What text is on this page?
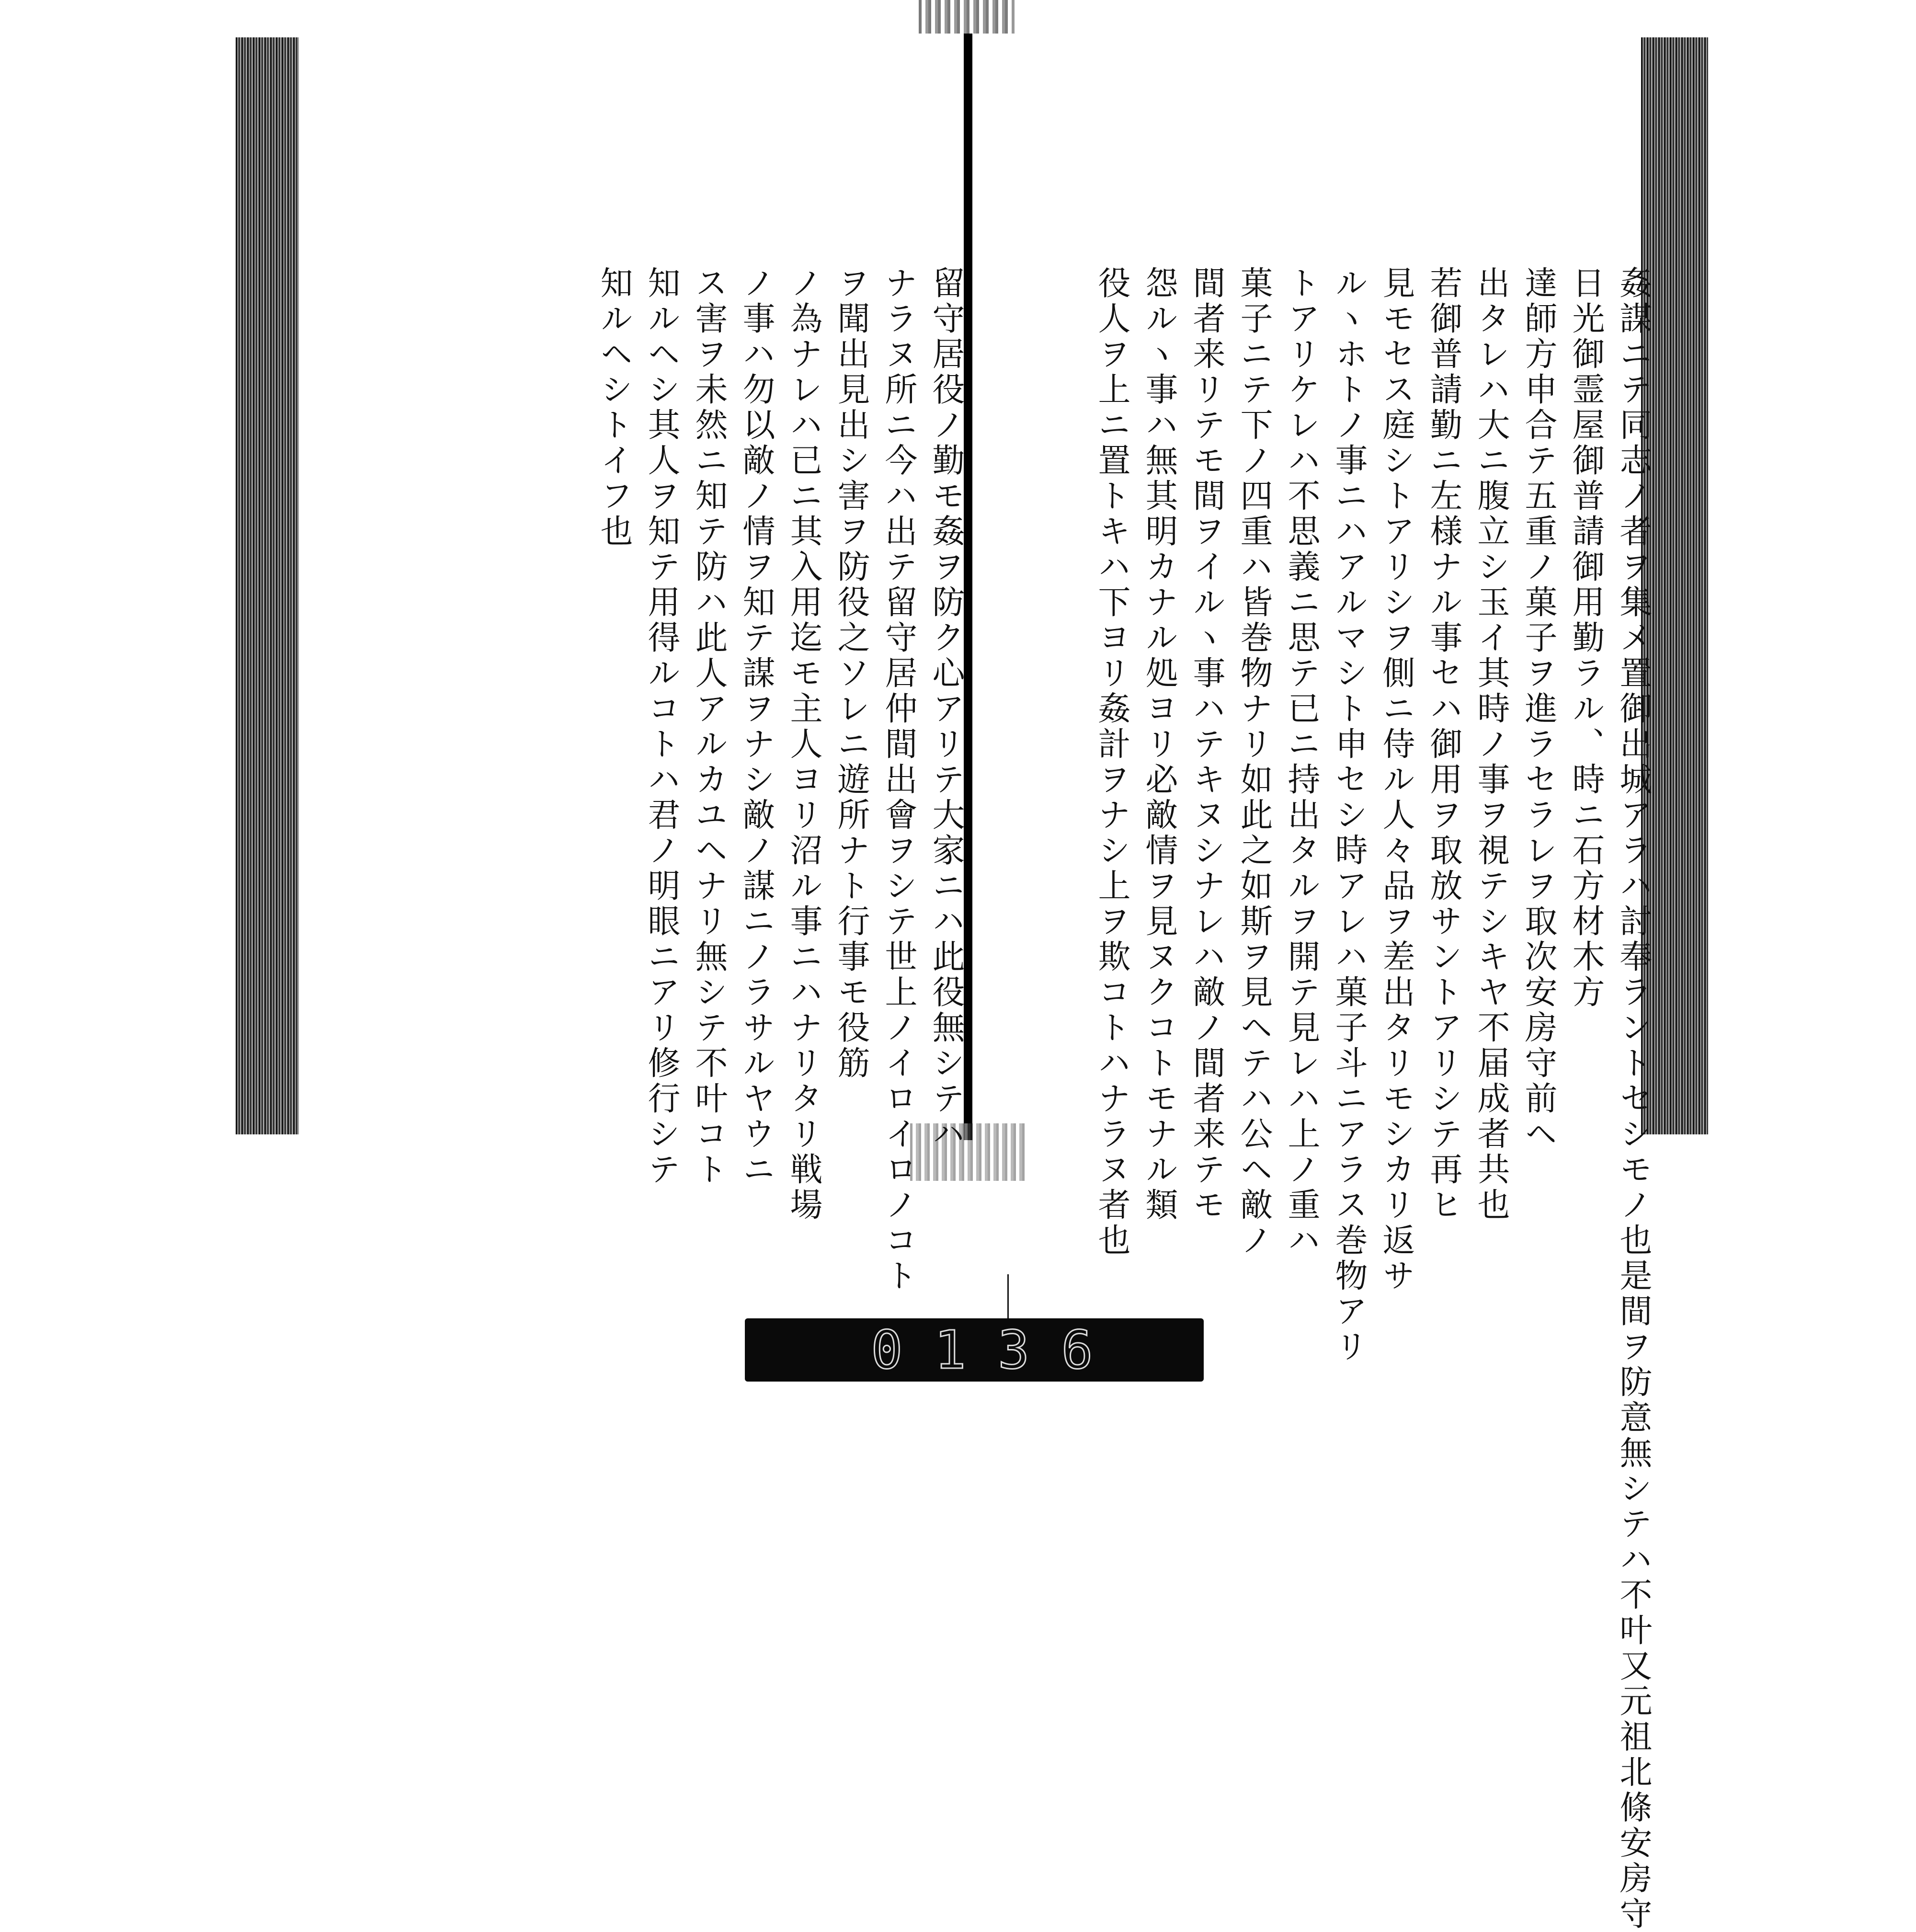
姦謀ニテ同志ノ者ヲ集メ置御出城アラハ討奉ラントセシモノ也是間ヲ防意無シテハ不叶又元祖北條安房守
日光御霊屋御普請御用勤ラル、時ニ石方材木方
達師方申合テ五重ノ菓子ヲ進ラセラレヲ取次安房守前ヘ
出タレハ大ニ腹立シ玉イ其時ノ事ヲ視テシキヤ不届成者共也
若御普請勤ニ左様ナル事セハ御用ヲ取放サントアリシテ再ヒ
見モセス庭シトアリシヲ側ニ侍ル人々品ヲ差出タリモシカリ返サ
ルヽホトノ事ニハアルマシト申セシ時アレハ菓子斗ニアラス巻物アリ
トアリケレハ不思義ニ思テ已ニ持出タルヲ開テ見レハ上ノ重ハ
菓子ニテ下ノ四重ハ皆巻物ナリ如此之如斯ヲ見ヘテハ公ヘ敵ノ
間者来リテモ間ヲイルヽ事ハテキヌシナレハ敵ノ間者来テモ
怨ルヽ事ハ無其明カナル処ヨリ必敵情ヲ見ヌクコトモナル類
役人ヲ上ニ置トキハ下ヨリ姦計ヲナシ上ヲ欺コトハナラヌ者也
留守居役ノ勤モ姦ヲ防ク心アリテ大家ニハ此役無シテハ
ナラヌ所ニ今ハ出テ留守居仲間出會ヲシテ世上ノイロイロノコト
ヲ聞出見出シ害ヲ防役之ソレニ遊所ナト行事モ役筋
ノ為ナレハ已ニ其入用迄モ主人ヨリ沼ル事ニハナリタリ戦場
ノ事ハ勿以敵ノ情ヲ知テ謀ヲナシ敵ノ謀ニノラサルヤウニ
ス害ヲ未然ニ知テ防ハ此人アルカユヘナリ無シテ不叶コト
知ルヘシ其人ヲ知テ用得ルコトハ君ノ明眼ニアリ修行シテ
知ルヘシトイフ也
0 1 3 6
